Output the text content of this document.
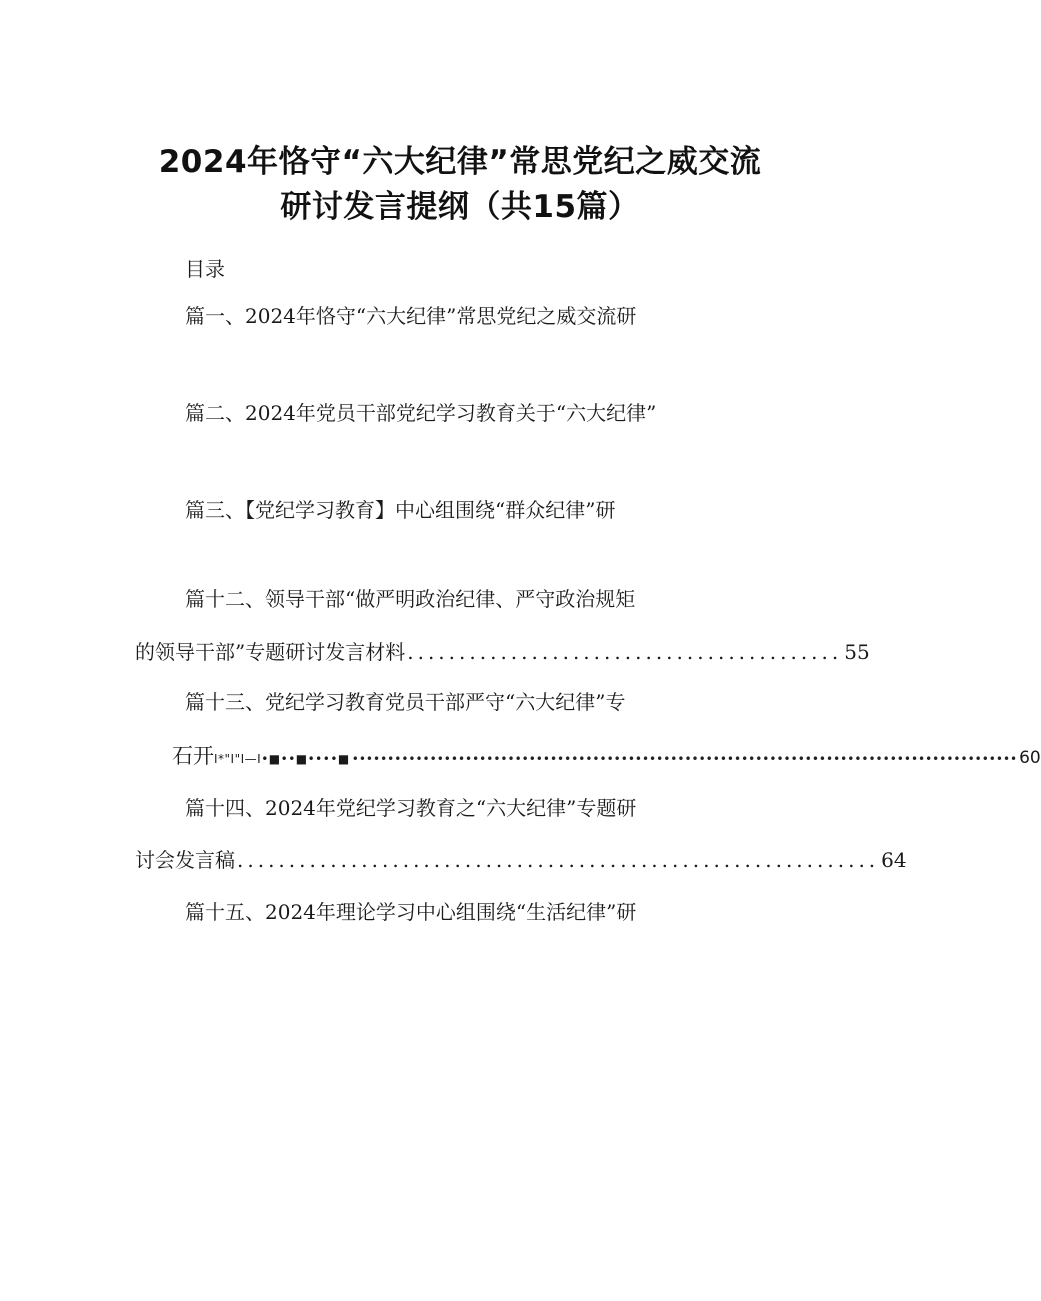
2024年恪守“六大纪律”常思党纪之威交流
研讨发言提纲（共15篇）
目录
篇一、2024年恪守“六大纪律”常思党纪之威交流研
篇二、2024年党员干部党纪学习教育关于“六大纪律”
篇三、【党纪学习教育】中心组围绕“群众纪律”研
篇十二、领导干部“做严明政治纪律、严守政治规矩
的领导干部”专题研讨发言材料 .......................................... 55
篇十三、党纪学习教育党员干部严守“六大纪律”专
石开 I*"I"I—I•■••■••••■ •••••••••••••••••••••••••••••••••••••••••••••••••••••••••••••••••••••••••••••••••••••••••••••• 60
篇十四、2024年党纪学习教育之“六大纪律”专题研
讨会发言稿 .............................................................. 64
篇十五、2024年理论学习中心组围绕“生活纪律”研
